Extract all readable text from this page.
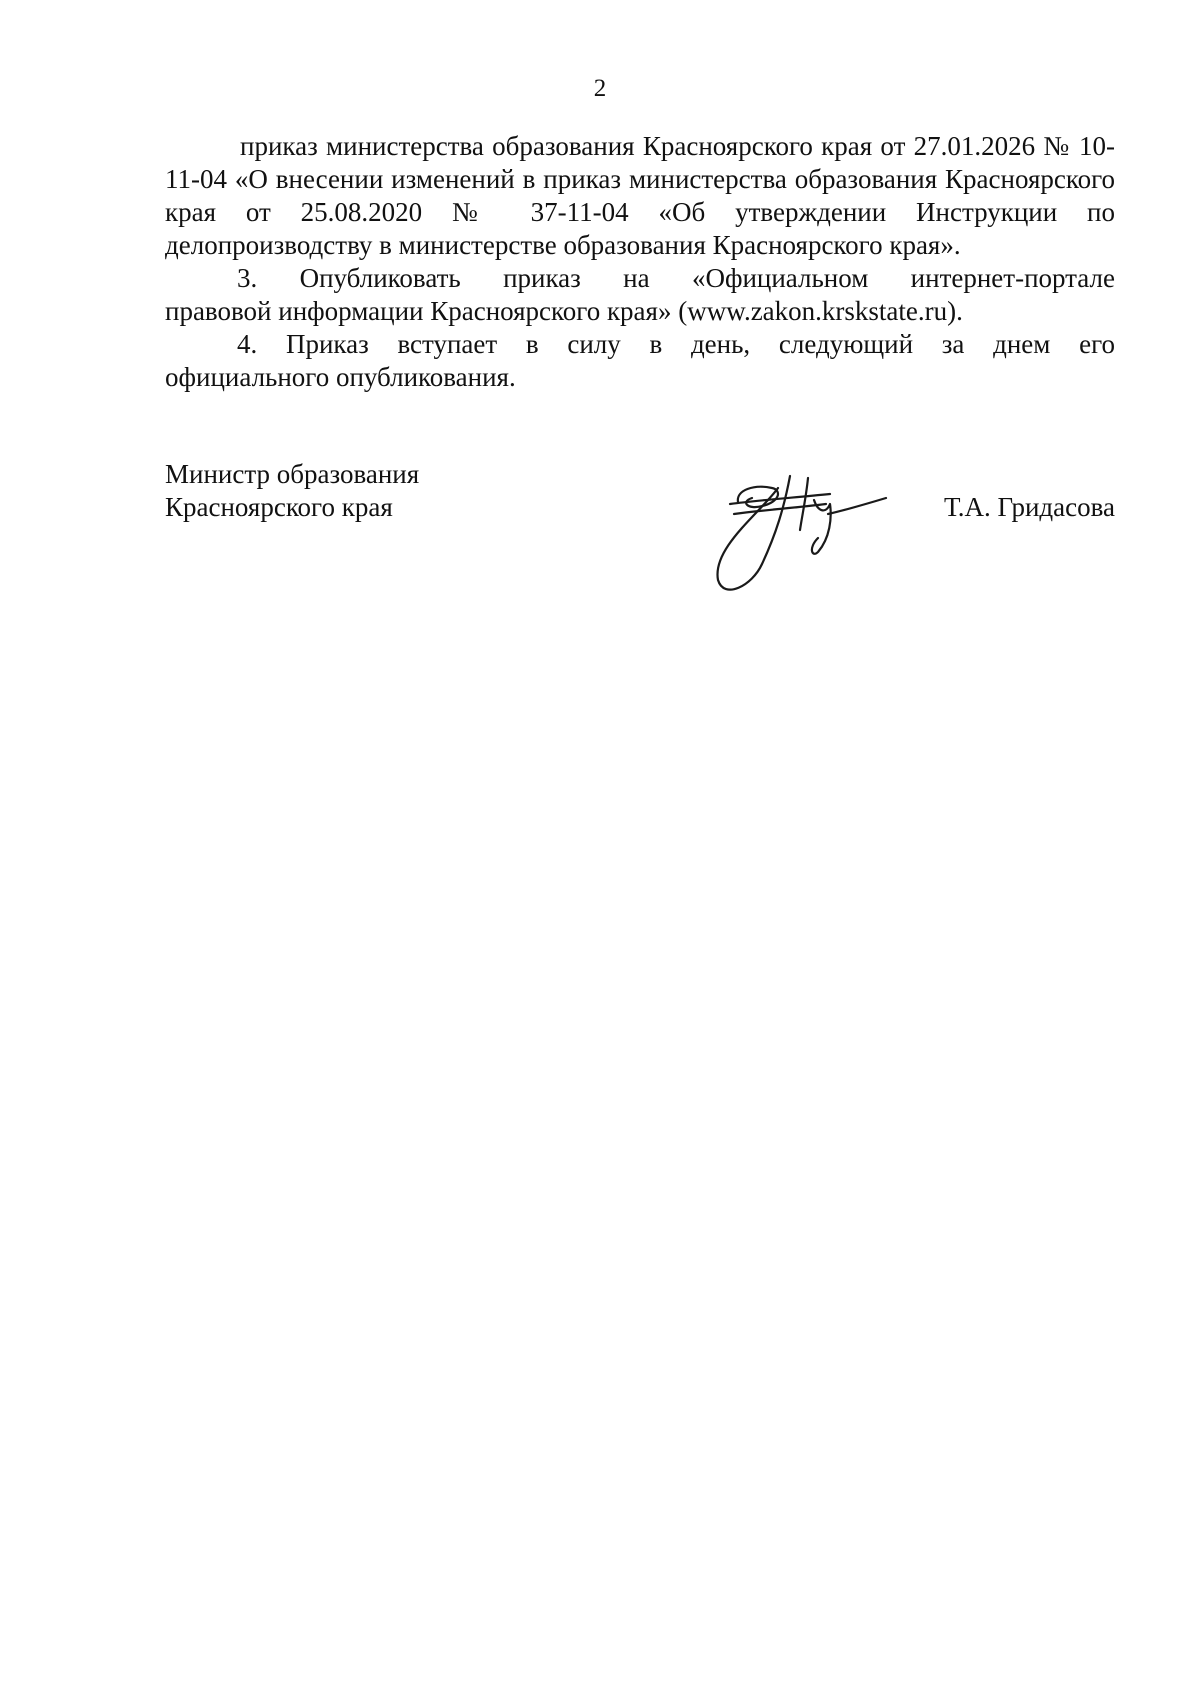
2

приказ министерства образования Красноярского края от 27.01.2026 № 10-11-04 «О внесении изменений в приказ министерства образования Красноярского края от 25.08.2020 № 37-11-04 «Об утверждении Инструкции по делопроизводству в министерстве образования Красноярского края».

3. Опубликовать приказ на «Официальном интернет-портале
правовой информации Красноярского края» (www.zakon.krskstate.ru).
4. Приказ вступает в силу в день, следующий за днем его
официального опубликования.
Министр образования
Красноярского края	Т.А. Гридасова
